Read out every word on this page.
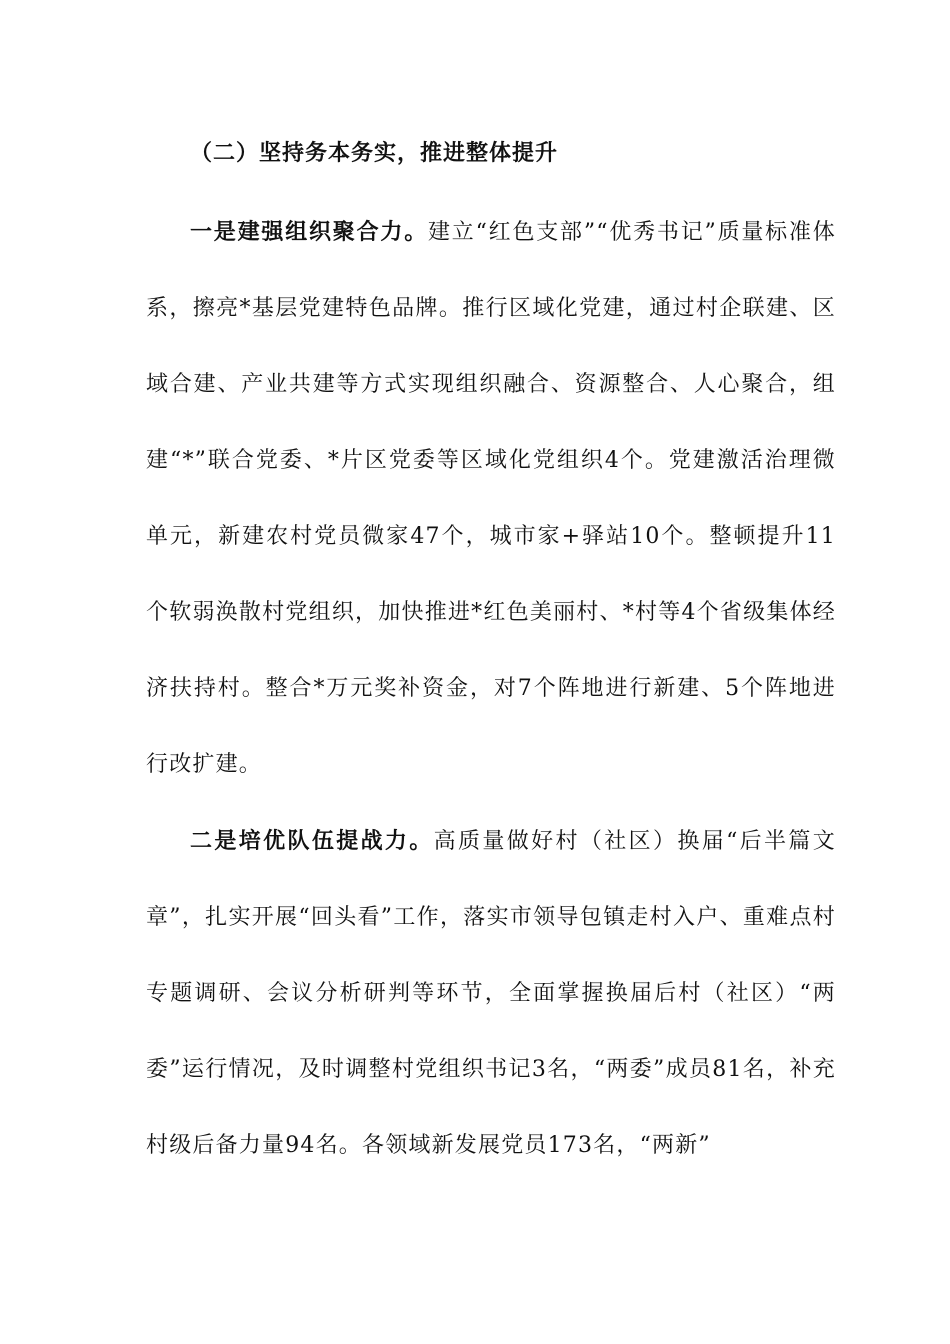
（二）坚持务本务实，推进整体提升

一是建强组织聚合力。建立“红色支部”“优秀书记”质量标准体系，擦亮*基层党建特色品牌。推行区域化党建，通过村企联建、区域合建、产业共建等方式实现组织融合、资源整合、人心聚合，组建“*”联合党委、*片区党委等区域化党组织4个。党建激活治理微单元，新建农村党员微家47个，城市家+驿站10个。整顿提升11个软弱涣散村党组织，加快推进*红色美丽村、*村等4个省级集体经济扶持村。整合*万元奖补资金，对7个阵地进行新建、5个阵地进行改扩建。

二是培优队伍提战力。高质量做好村（社区）换届“后半篇文章”，扎实开展“回头看”工作，落实市领导包镇走村入户、重难点村专题调研、会议分析研判等环节，全面掌握换届后村（社区）“两委”运行情况，及时调整村党组织书记3名，“两委”成员81名，补充村级后备力量94名。各领域新发展党员173名，“两新”
